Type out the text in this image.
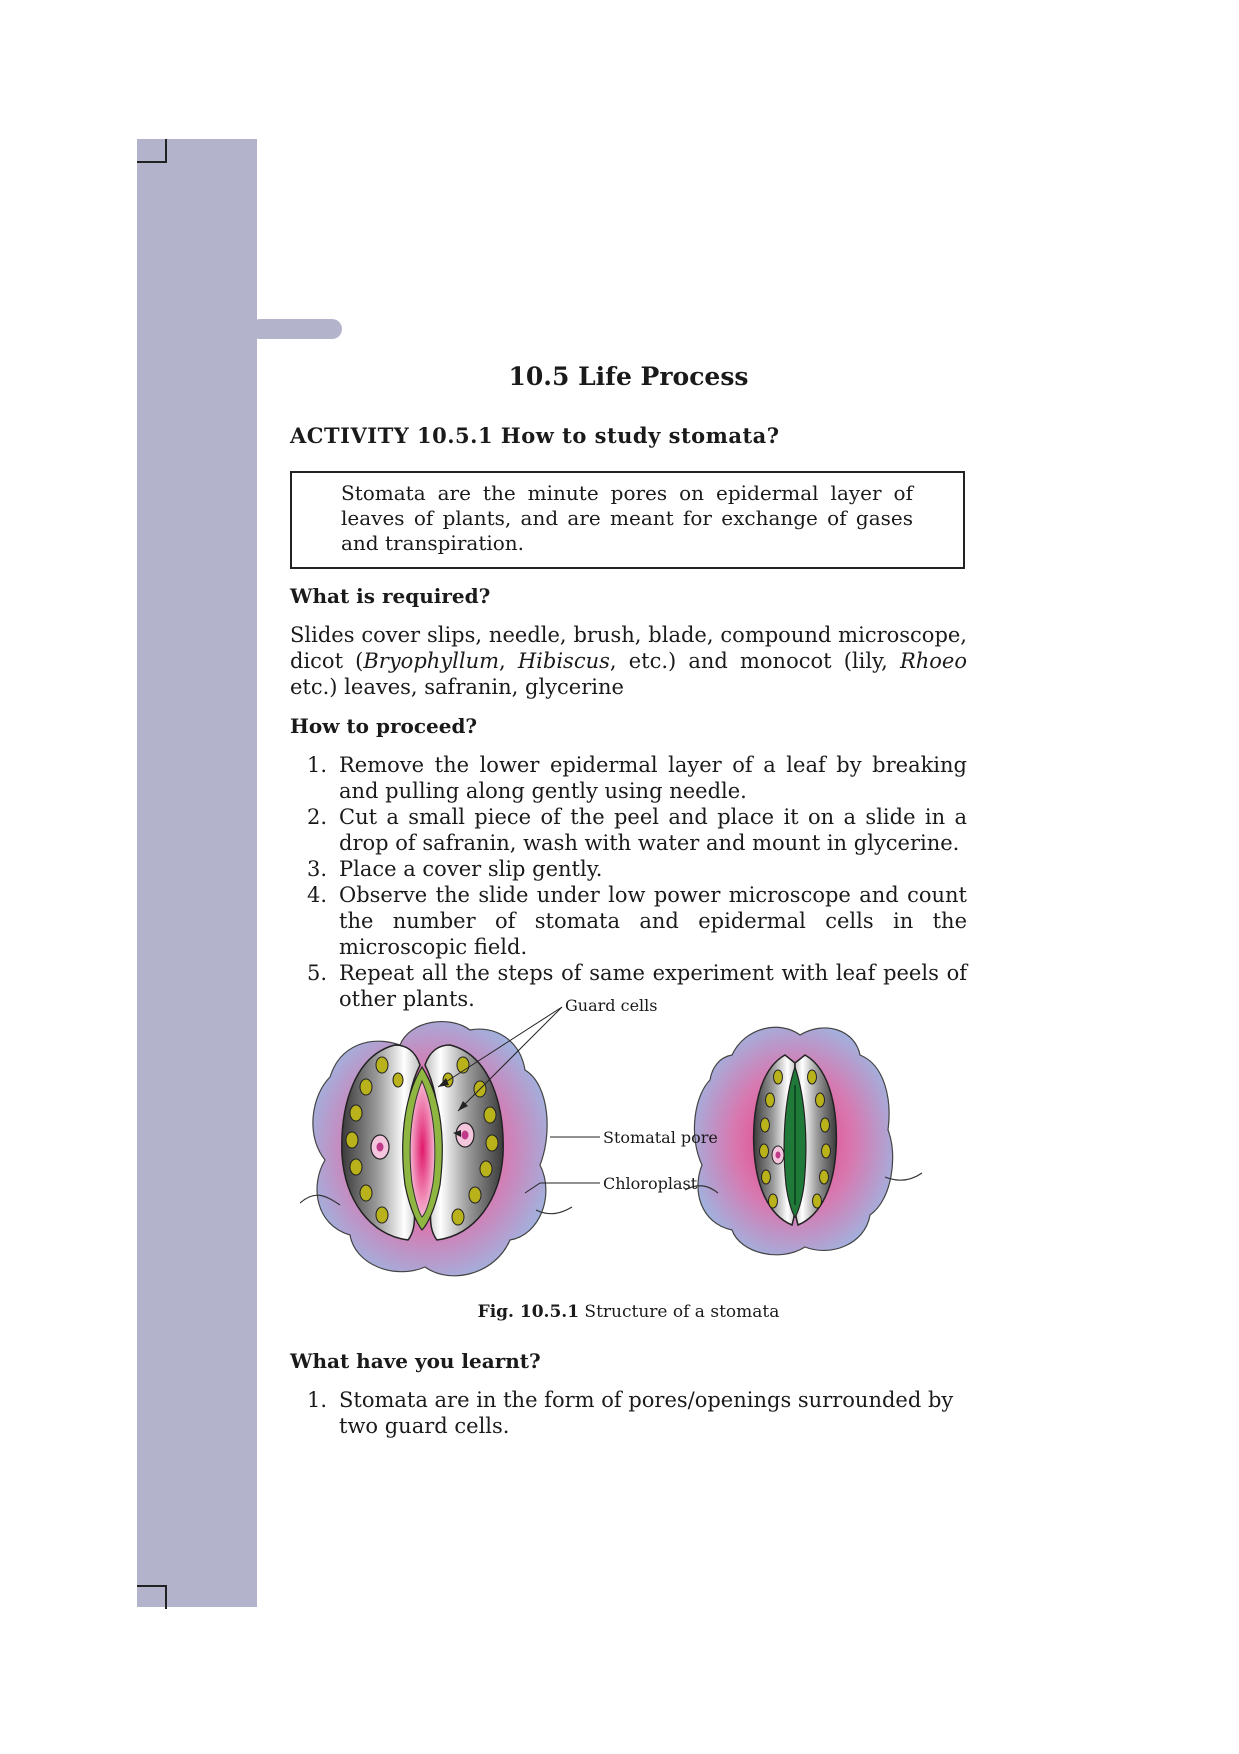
10.5 Life Process
ACTIVITY 10.5.1 How to study stomata?

Stomata are the minute pores on epidermal layer of leaves of plants, and are meant for exchange of gases and transpiration.

What is required?

Slides cover slips, needle, brush, blade, compound microscope, dicot (Bryophyllum, Hibiscus, etc.) and monocot (lily, Rhoeo etc.) leaves, safranin, glycerine

How to proceed?
1. Remove the lower epidermal layer of a leaf by breaking and pulling along gently using needle.
2. Cut a small piece of the peel and place it on a slide in a drop of safranin, wash with water and mount in glycerine.
3. Place a cover slip gently.
4. Observe the slide under low power microscope and count the number of stomata and epidermal cells in the microscopic field.
5. Repeat all the steps of same experiment with leaf peels of other plants.	Guard cells
Stomatal pore
Chloroplast
Fig. 10.5.1 Structure of a stomata
What have you learnt?
1. Stomata are in the form of pores/openings surrounded by two guard cells.
